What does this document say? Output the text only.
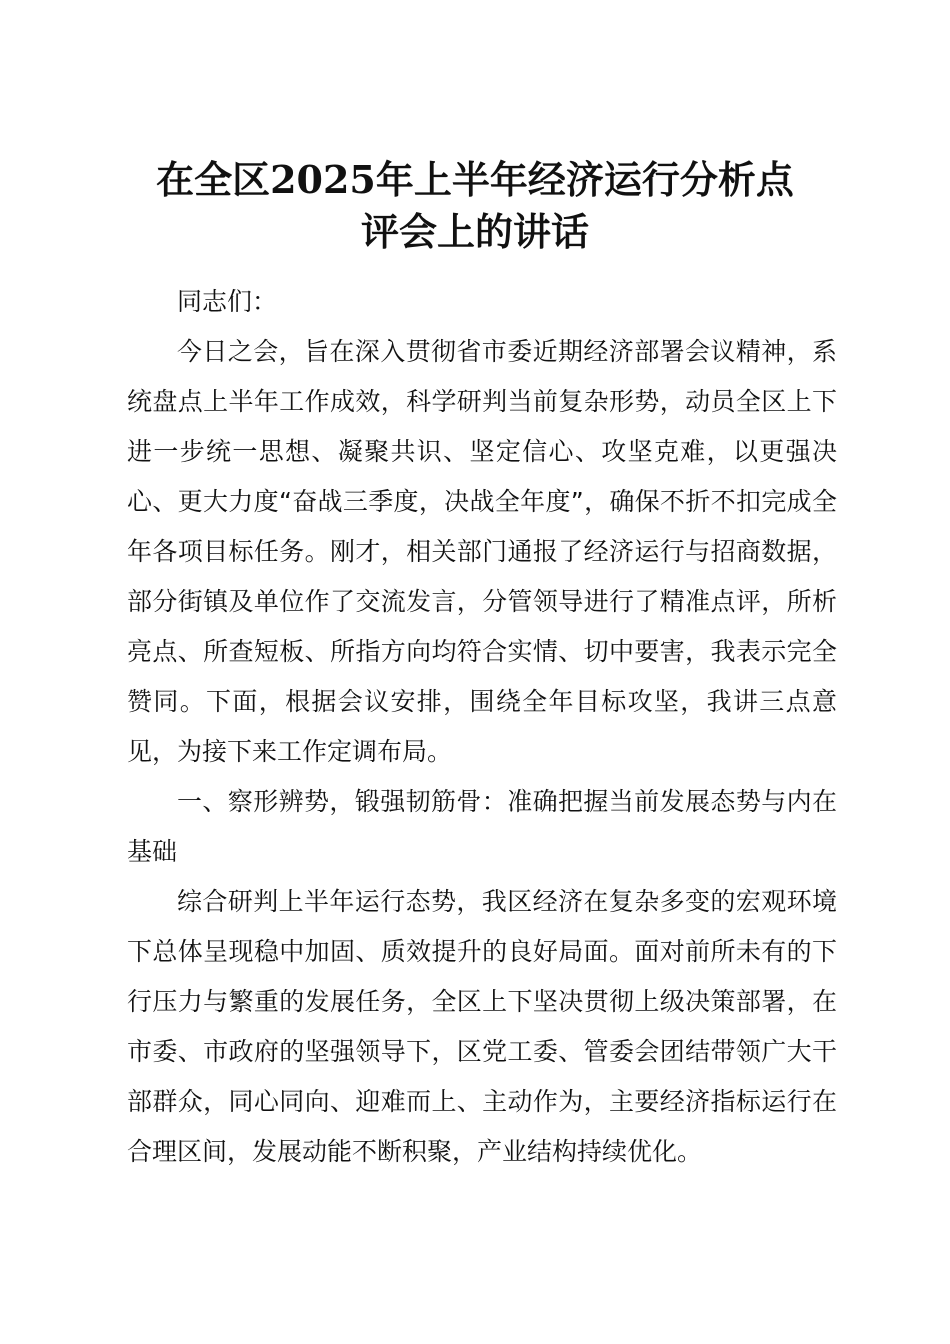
在全区2025年上半年经济运行分析点
评会上的讲话

同志们：

今日之会，旨在深入贯彻省市委近期经济部署会议精神，系统盘点上半年工作成效，科学研判当前复杂形势，动员全区上下进一步统一思想、凝聚共识、坚定信心、攻坚克难，以更强决心、更大力度“奋战三季度，决战全年度”，确保不折不扣完成全年各项目标任务。刚才，相关部门通报了经济运行与招商数据，部分街镇及单位作了交流发言，分管领导进行了精准点评，所析亮点、所查短板、所指方向均符合实情、切中要害，我表示完全赞同。下面，根据会议安排，围绕全年目标攻坚，我讲三点意见，为接下来工作定调布局。

一、察形辨势，锻强韧筋骨：准确把握当前发展态势与内在基础

综合研判上半年运行态势，我区经济在复杂多变的宏观环境下总体呈现稳中加固、质效提升的良好局面。面对前所未有的下行压力与繁重的发展任务，全区上下坚决贯彻上级决策部署，在市委、市政府的坚强领导下，区党工委、管委会团结带领广大干部群众，同心同向、迎难而上、主动作为，主要经济指标运行在合理区间，发展动能不断积聚，产业结构持续优化。
